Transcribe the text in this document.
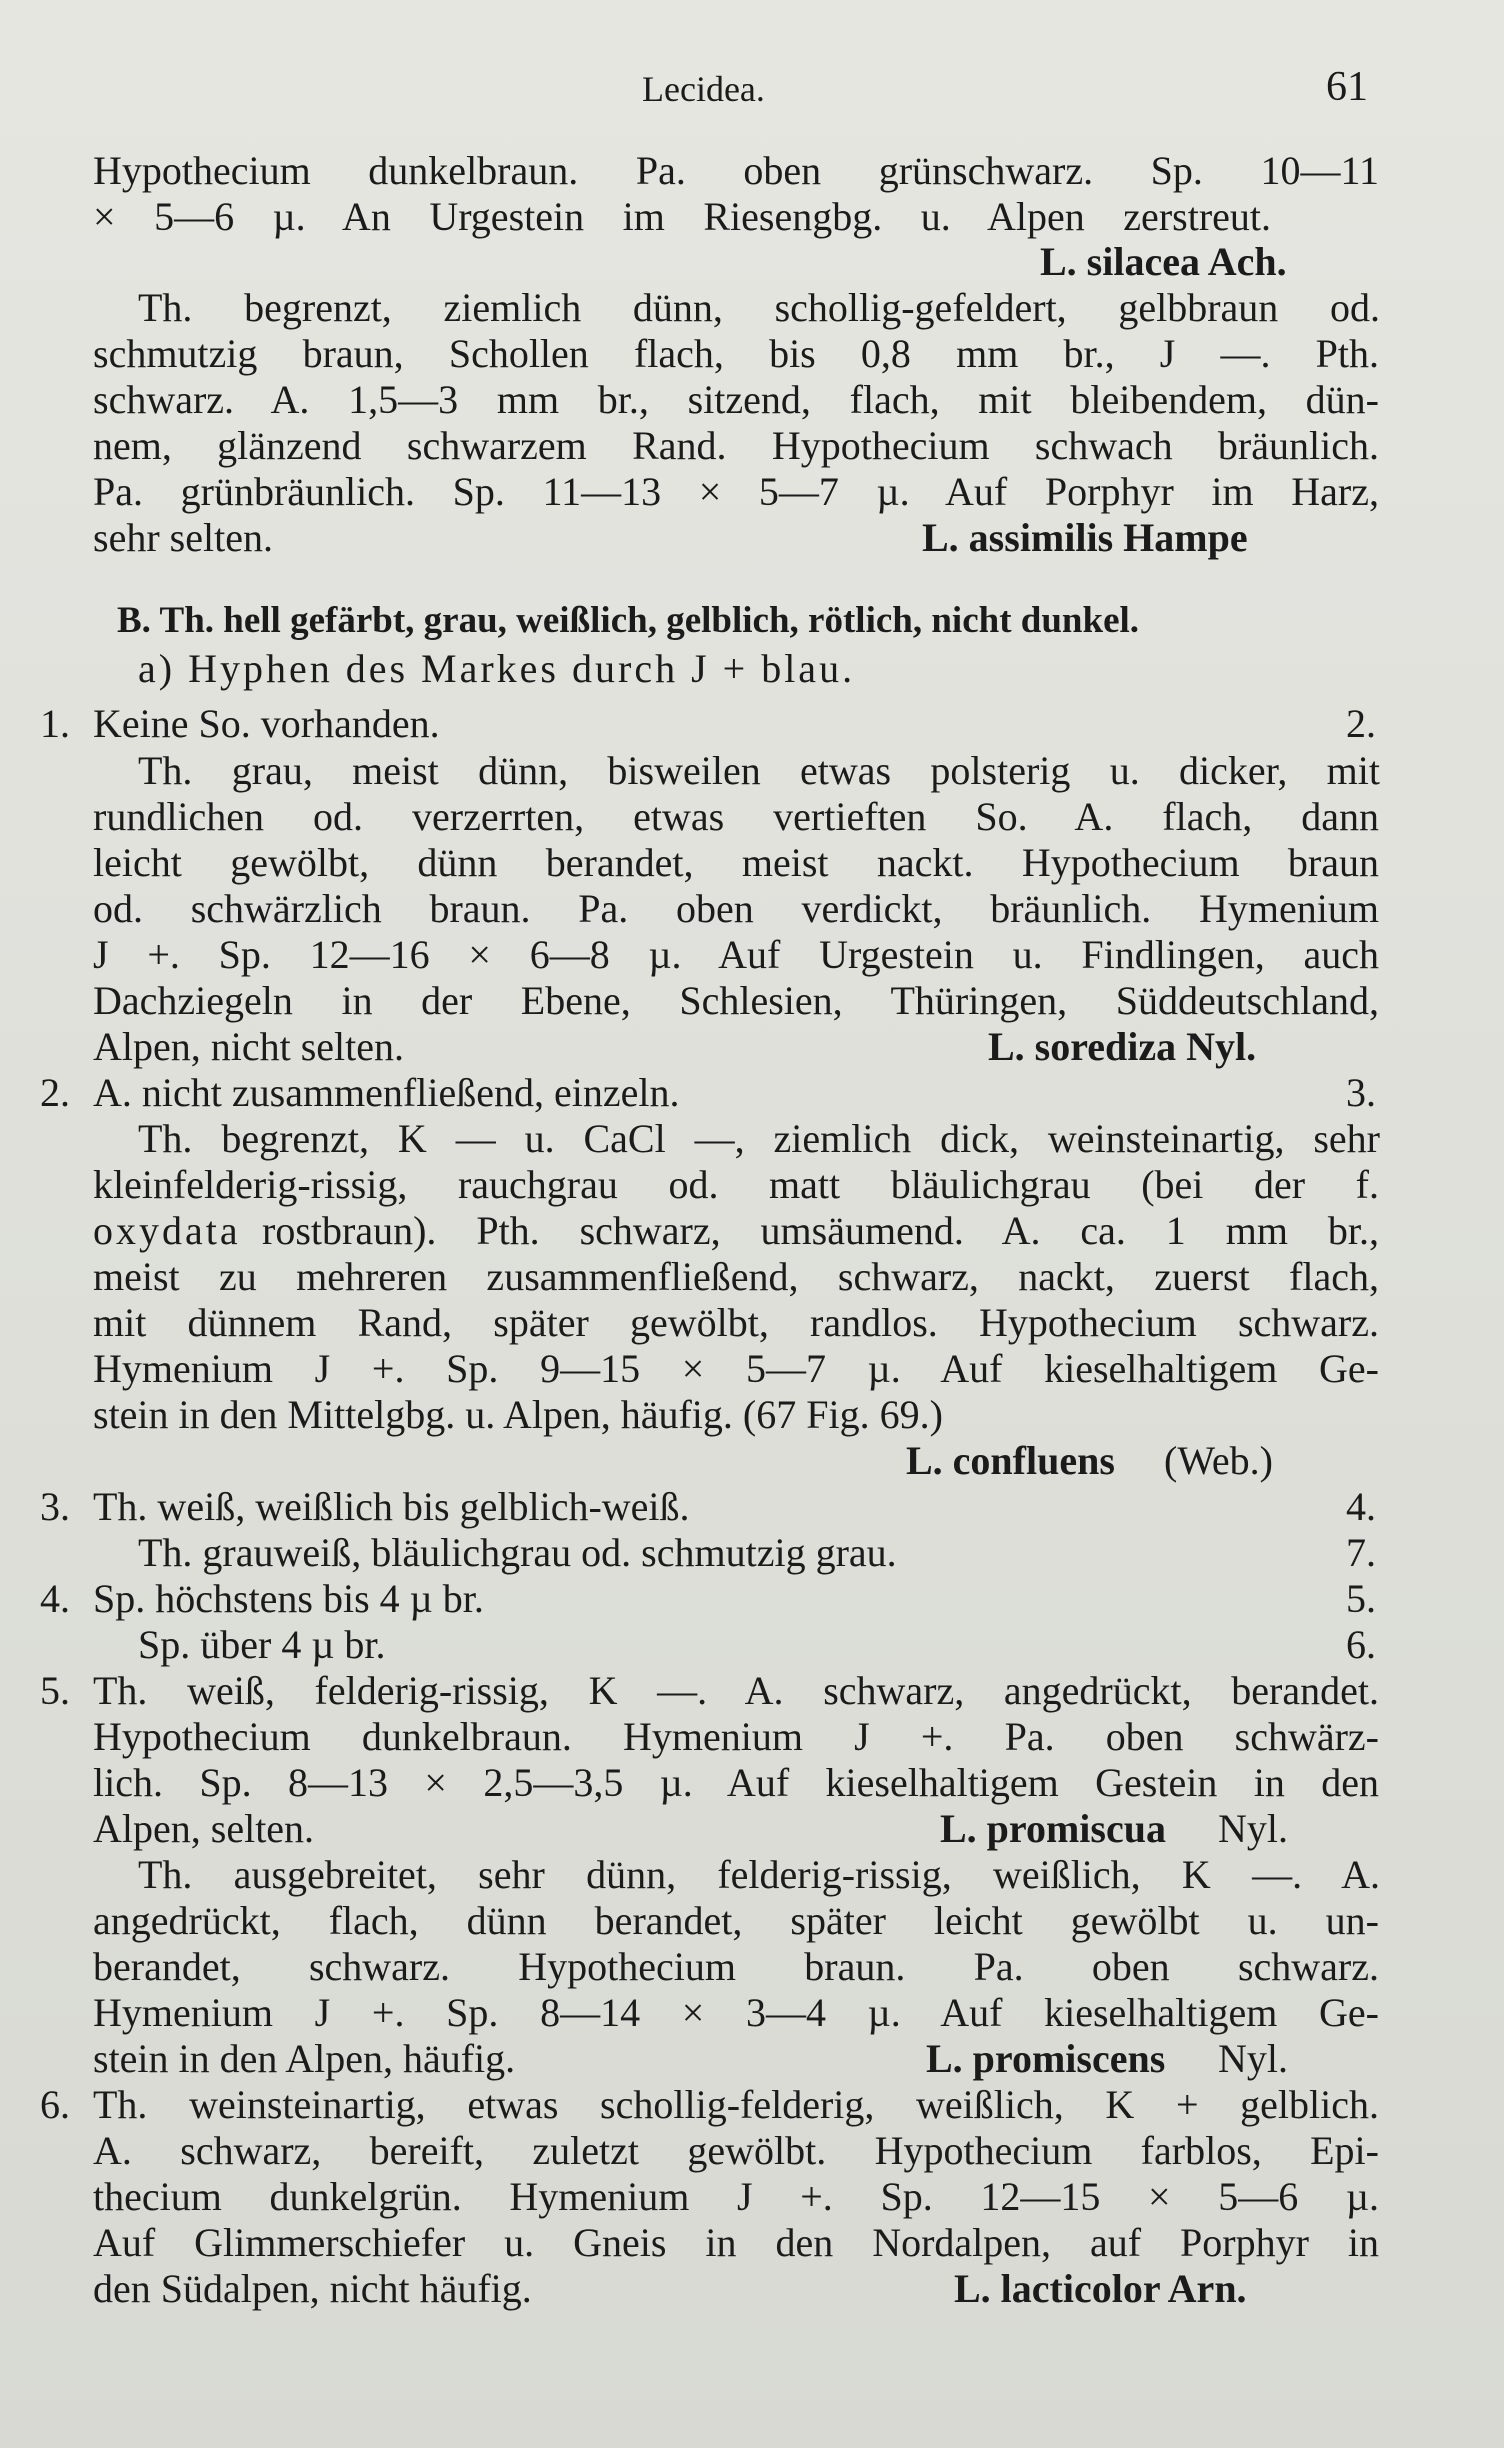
Lecidea.	61
Hypothecium dunkelbraun. Pa. oben grünschwarz. Sp. 10—11
× 5—6 µ. An Urgestein im Riesengbg. u. Alpen zerstreut.
L. silacea Ach.
Th. begrenzt, ziemlich dünn, schollig-gefeldert, gelbbraun od.
schmutzig braun, Schollen flach, bis 0,8 mm br., J —. Pth.
schwarz. A. 1,5—3 mm br., sitzend, flach, mit bleibendem, dün-
nem, glänzend schwarzem Rand. Hypothecium schwach bräunlich.
Pa. grünbräunlich. Sp. 11—13 × 5—7 µ. Auf Porphyr im Harz,
sehr selten.	L. assimilis Hampe
B. Th. hell gefärbt, grau, weißlich, gelblich, rötlich, nicht dunkel.
a) Hyphen des Markes durch J + blau.
1. Keine So. vorhanden.	2.
Th. grau, meist dünn, bisweilen etwas polsterig u. dicker, mit
rundlichen od. verzerrten, etwas vertieften So. A. flach, dann
leicht gewölbt, dünn berandet, meist nackt. Hypothecium braun
od. schwärzlich braun. Pa. oben verdickt, bräunlich. Hymenium
J +. Sp. 12—16 × 6—8 µ. Auf Urgestein u. Findlingen, auch
Dachziegeln in der Ebene, Schlesien, Thüringen, Süddeutschland,
Alpen, nicht selten.	L. sorediza Nyl.
2. A. nicht zusammenfließend, einzeln.	3.
Th. begrenzt, K — u. CaCl —, ziemlich dick, weinsteinartig, sehr
kleinfelderig-rissig, rauchgrau od. matt bläulichgrau (bei der f.
oxydata rostbraun). Pth. schwarz, umsäumend. A. ca. 1 mm br.,
meist zu mehreren zusammenfließend, schwarz, nackt, zuerst flach,
mit dünnem Rand, später gewölbt, randlos. Hypothecium schwarz.
Hymenium J +. Sp. 9—15 × 5—7 µ. Auf kieselhaltigem Ge-
stein in den Mittelgbg. u. Alpen, häufig. (67 Fig. 69.)
L. confluens (Web.)
3. Th. weiß, weißlich bis gelblich-weiß.	4.
Th. grauweiß, bläulichgrau od. schmutzig grau.	7.
4. Sp. höchstens bis 4 µ br.	5.
Sp. über 4 µ br.	6.
5. Th. weiß, felderig-rissig, K —. A. schwarz, angedrückt, berandet.
Hypothecium dunkelbraun. Hymenium J +. Pa. oben schwärz-
lich. Sp. 8—13 × 2,5—3,5 µ. Auf kieselhaltigem Gestein in den
Alpen, selten.	L. promiscua Nyl.
Th. ausgebreitet, sehr dünn, felderig-rissig, weißlich, K —. A.
angedrückt, flach, dünn berandet, später leicht gewölbt u. un-
berandet, schwarz. Hypothecium braun. Pa. oben schwarz.
Hymenium J +. Sp. 8—14 × 3—4 µ. Auf kieselhaltigem Ge-
stein in den Alpen, häufig.	L. promiscens Nyl.
6. Th. weinsteinartig, etwas schollig-felderig, weißlich, K + gelblich.
A. schwarz, bereift, zuletzt gewölbt. Hypothecium farblos, Epi-
thecium dunkelgrün. Hymenium J +. Sp. 12—15 × 5—6 µ.
Auf Glimmerschiefer u. Gneis in den Nordalpen, auf Porphyr in
den Südalpen, nicht häufig.	L. lacticolor Arn.
